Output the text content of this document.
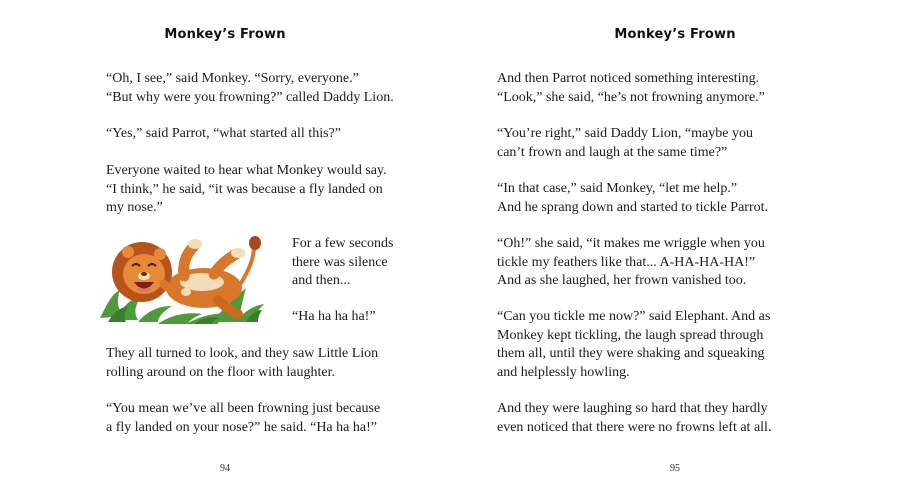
Monkey’s Frown

“Oh, I see,” said Monkey. “Sorry, everyone.”
“But why were you frowning?” called Daddy Lion.

“Yes,” said Parrot, “what started all this?”

Everyone waited to hear what Monkey would say.
“I think,” he said, “it was because a fly landed on
my nose.”

For a few seconds
there was silence
and then...

“Ha ha ha ha!”

They all turned to look, and they saw Little Lion
rolling around on the floor with laughter.

“You mean we’ve all been frowning just because
a fly landed on your nose?” he said. “Ha ha ha!”

94
Monkey’s Frown

And then Parrot noticed something interesting.
“Look,” she said, “he’s not frowning anymore.”

“You’re right,” said Daddy Lion, “maybe you
can’t frown and laugh at the same time?”

“In that case,” said Monkey, “let me help.”
And he sprang down and started to tickle Parrot.

“Oh!” she said, “it makes me wriggle when you
tickle my feathers like that... A-HA-HA-HA!”
And as she laughed, her frown vanished too.

“Can you tickle me now?” said Elephant. And as
Monkey kept tickling, the laugh spread through
them all, until they were shaking and squeaking
and helplessly howling.

And they were laughing so hard that they hardly
even noticed that there were no frowns left at all.

95
